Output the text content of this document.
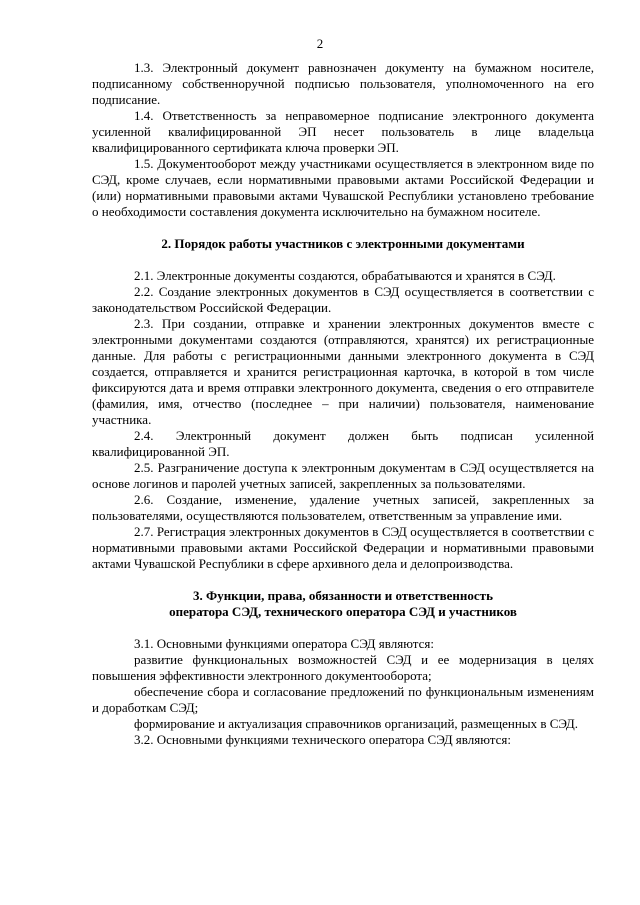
2

1.3. Электронный документ равнозначен документу на бумажном носителе, подписанному собственноручной подписью пользователя, уполномоченного на его подписание.

1.4. Ответственность за неправомерное подписание электронного документа усиленной квалифицированной ЭП несет пользователь в лице владельца квалифицированного сертификата ключа проверки ЭП.

1.5. Документооборот между участниками осуществляется в электронном виде по СЭД, кроме случаев, если нормативными правовыми актами Российской Федерации и (или) нормативными правовыми актами Чувашской Республики установлено требование о необходимости составления документа исключительно на бумажном носителе.

2. Порядок работы участников с электронными документами

2.1. Электронные документы создаются, обрабатываются и хранятся в СЭД.

2.2. Создание электронных документов в СЭД осуществляется в соответствии с законодательством Российской Федерации.

2.3. При создании, отправке и хранении электронных документов вместе с электронными документами создаются (отправляются, хранятся) их регистрационные данные. Для работы с регистрационными данными электронного документа в СЭД создается, отправляется и хранится регистрационная карточка, в которой в том числе фиксируются дата и время отправки электронного документа, сведения о его отправителе (фамилия, имя, отчество (последнее – при наличии) пользователя, наименование участника.

2.4. Электронный документ должен быть подписан усиленной квалифицированной ЭП.

2.5. Разграничение доступа к электронным документам в СЭД осуществляется на основе логинов и паролей учетных записей, закрепленных за пользователями.

2.6. Создание, изменение, удаление учетных записей, закрепленных за пользователями, осуществляются пользователем, ответственным за управление ими.

2.7. Регистрация электронных документов в СЭД осуществляется в соответствии с нормативными правовыми актами Российской Федерации и нормативными правовыми актами Чувашской Республики в сфере архивного дела и делопроизводства.

3. Функции, права, обязанности и ответственность
оператора СЭД, технического оператора СЭД и участников

3.1. Основными функциями оператора СЭД являются:

развитие функциональных возможностей СЭД и ее модернизация в целях повышения эффективности электронного документооборота;

обеспечение сбора и согласование предложений по функциональным изменениям и доработкам СЭД;

формирование и актуализация справочников организаций, размещенных в СЭД.

3.2. Основными функциями технического оператора СЭД являются:
